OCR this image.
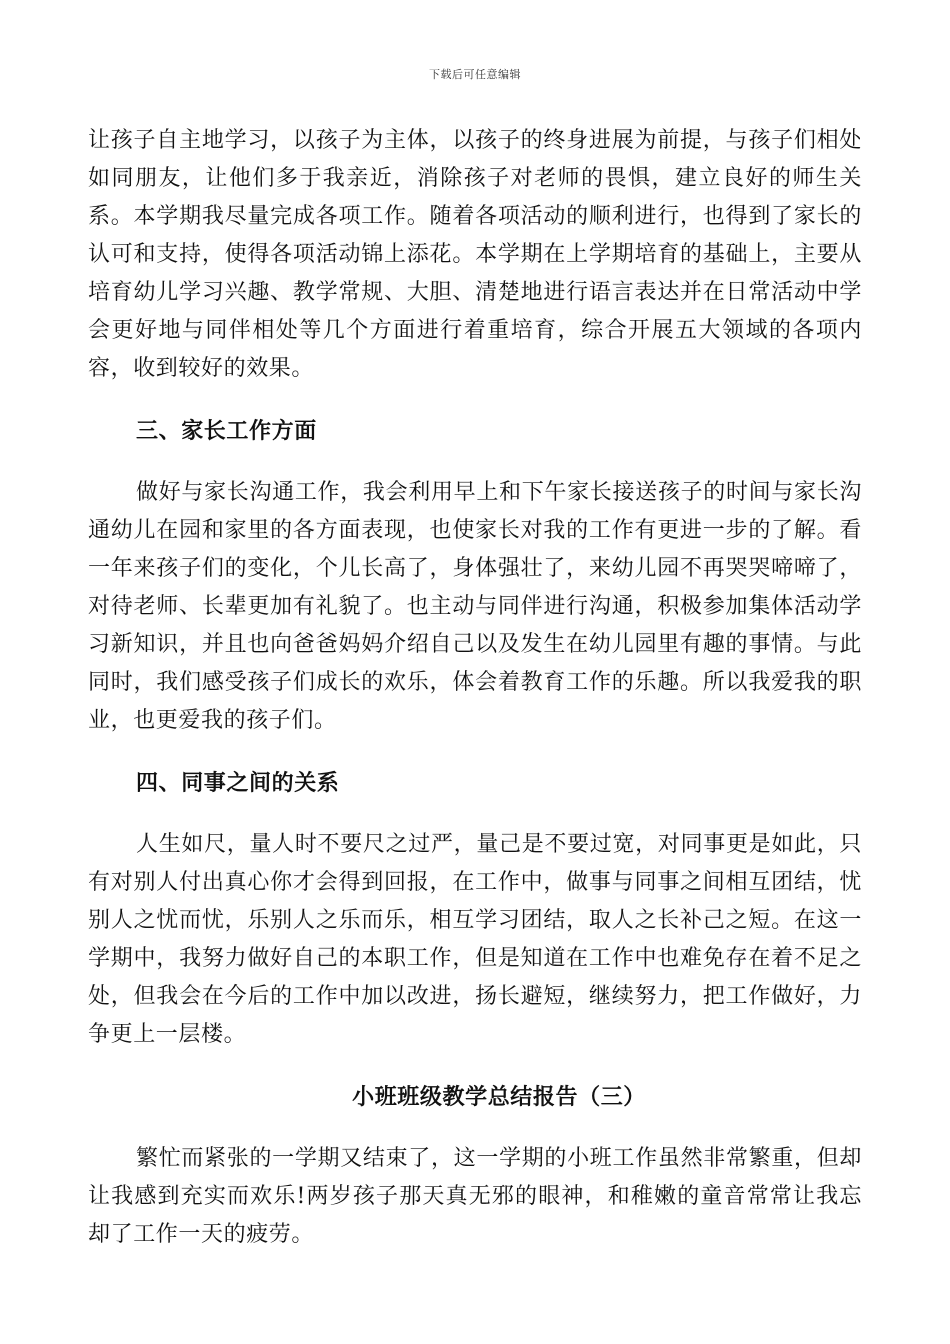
下载后可任意编辑

让孩子自主地学习，以孩子为主体，以孩子的终身进展为前提，与孩子们相处如同朋友，让他们多于我亲近，消除孩子对老师的畏惧，建立良好的师生关系。本学期我尽量完成各项工作。随着各项活动的顺利进行，也得到了家长的认可和支持，使得各项活动锦上添花。本学期在上学期培育的基础上，主要从培育幼儿学习兴趣、教学常规、大胆、清楚地进行语言表达并在日常活动中学会更好地与同伴相处等几个方面进行着重培育，综合开展五大领域的各项内容，收到较好的效果。

三、家长工作方面

做好与家长沟通工作，我会利用早上和下午家长接送孩子的时间与家长沟通幼儿在园和家里的各方面表现，也使家长对我的工作有更进一步的了解。看一年来孩子们的变化，个儿长高了，身体强壮了，来幼儿园不再哭哭啼啼了，对待老师、长辈更加有礼貌了。也主动与同伴进行沟通，积极参加集体活动学习新知识，并且也向爸爸妈妈介绍自己以及发生在幼儿园里有趣的事情。与此同时，我们感受孩子们成长的欢乐，体会着教育工作的乐趣。所以我爱我的职业，也更爱我的孩子们。

四、同事之间的关系

人生如尺，量人时不要尺之过严，量己是不要过宽，对同事更是如此，只有对别人付出真心你才会得到回报，在工作中，做事与同事之间相互团结，忧别人之忧而忧，乐别人之乐而乐，相互学习团结，取人之长补己之短。在这一学期中，我努力做好自己的本职工作，但是知道在工作中也难免存在着不足之处，但我会在今后的工作中加以改进，扬长避短，继续努力，把工作做好，力争更上一层楼。

小班班级教学总结报告（三）

繁忙而紧张的一学期又结束了，这一学期的小班工作虽然非常繁重，但却让我感到充实而欢乐!两岁孩子那天真无邪的眼神，和稚嫩的童音常常让我忘却了工作一天的疲劳。
